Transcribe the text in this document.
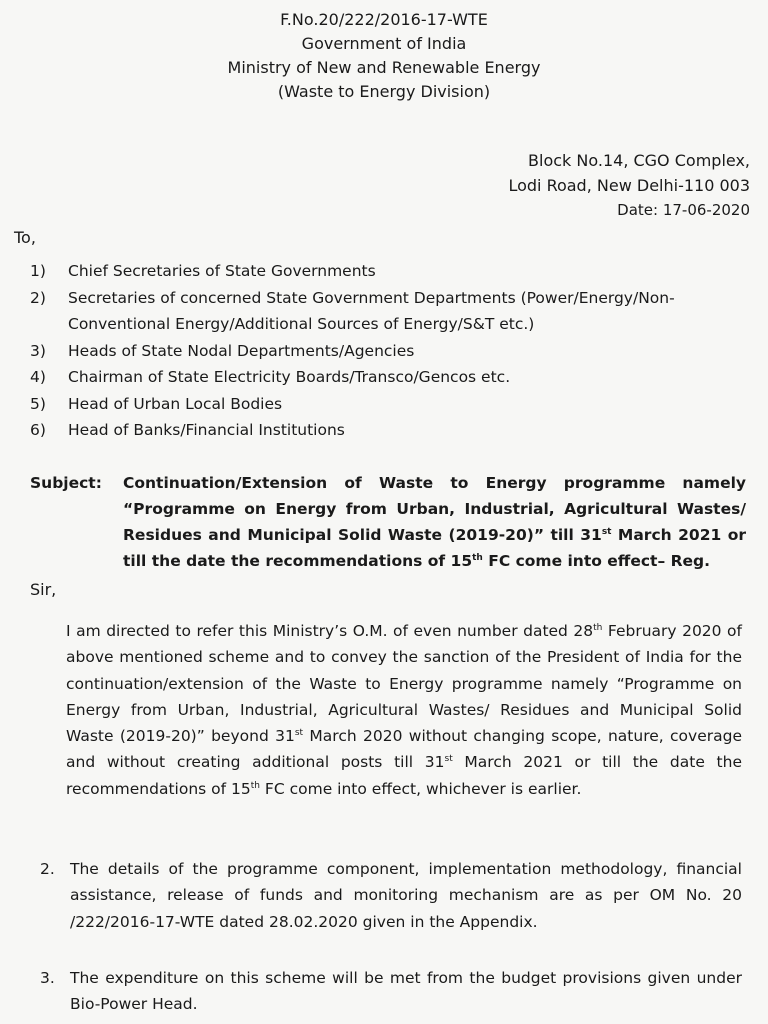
F.No.20/222/2016-17-WTE
Government of India
Ministry of New and Renewable Energy
(Waste to Energy Division)
Block No.14, CGO Complex,
Lodi Road, New Delhi-110 003
Date: 17-06-2020
To,
1)	Chief Secretaries of State Governments
2)	Secretaries of concerned State Government Departments (Power/Energy/Non-Conventional Energy/Additional Sources of Energy/S&T etc.)
3)	Heads of State Nodal Departments/Agencies
4)	Chairman of State Electricity Boards/Transco/Gencos etc.
5)	Head of Urban Local Bodies
6)	Head of Banks/Financial Institutions
Subject:	Continuation/Extension of Waste to Energy programme namely “Programme on Energy from Urban, Industrial, Agricultural Wastes/ Residues and Municipal Solid Waste (2019-20)” till 31st March 2021 or till the date the recommendations of 15th FC come into effect– Reg.
Sir,
I am directed to refer this Ministry’s O.M. of even number dated 28th February 2020 of above mentioned scheme and to convey the sanction of the President of India for the continuation/extension of the Waste to Energy programme namely “Programme on Energy from Urban, Industrial, Agricultural Wastes/ Residues and Municipal Solid Waste (2019-20)” beyond 31st March 2020 without changing scope, nature, coverage and without creating additional posts till 31st March 2021 or till the date the recommendations of 15th FC come into effect, whichever is earlier.
2. The details of the programme component, implementation methodology, financial assistance, release of funds and monitoring mechanism are as per OM No. 20 /222/2016-17-WTE dated 28.02.2020 given in the Appendix.
3. The expenditure on this scheme will be met from the budget provisions given under Bio-Power Head.
